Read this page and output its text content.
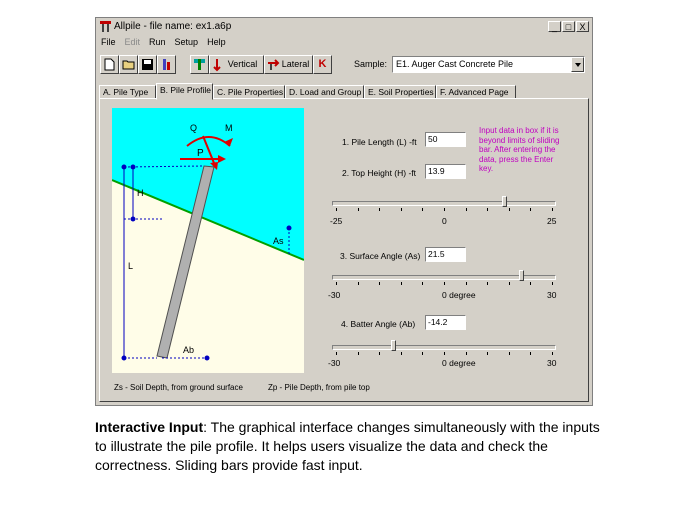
Allpile - file name: ex1.a6p	_ □ X
File Edit Run Setup Help
Vertical	Lateral K	Sample: E1. Auger Cast Concrete Pile
A. Pile Type	B. Pile Profile C. Pile Properties D. Load and Group E. Soil Properties F. Advanced Page
Q	M
P
H
L
As
Ab
Zs - Soil Depth, from ground surface	Zp - Pile Depth, from pile top
1. Pile Length (L) -ft	50
2. Top Height (H) -ft	13.9
Input data in box if it is beyond limits of sliding bar. After entering the data, press the Enter key.
-25	0	25
3. Surface Angle (As) 21.5
-30	0 degree	30
4. Batter Angle (Ab)	-14.2
-30	0 degree	30
Interactive Input: The graphical interface changes simultaneously with the inputs to illustrate the pile profile. It helps users visualize the data and check the correctness. Sliding bars provide fast input.
